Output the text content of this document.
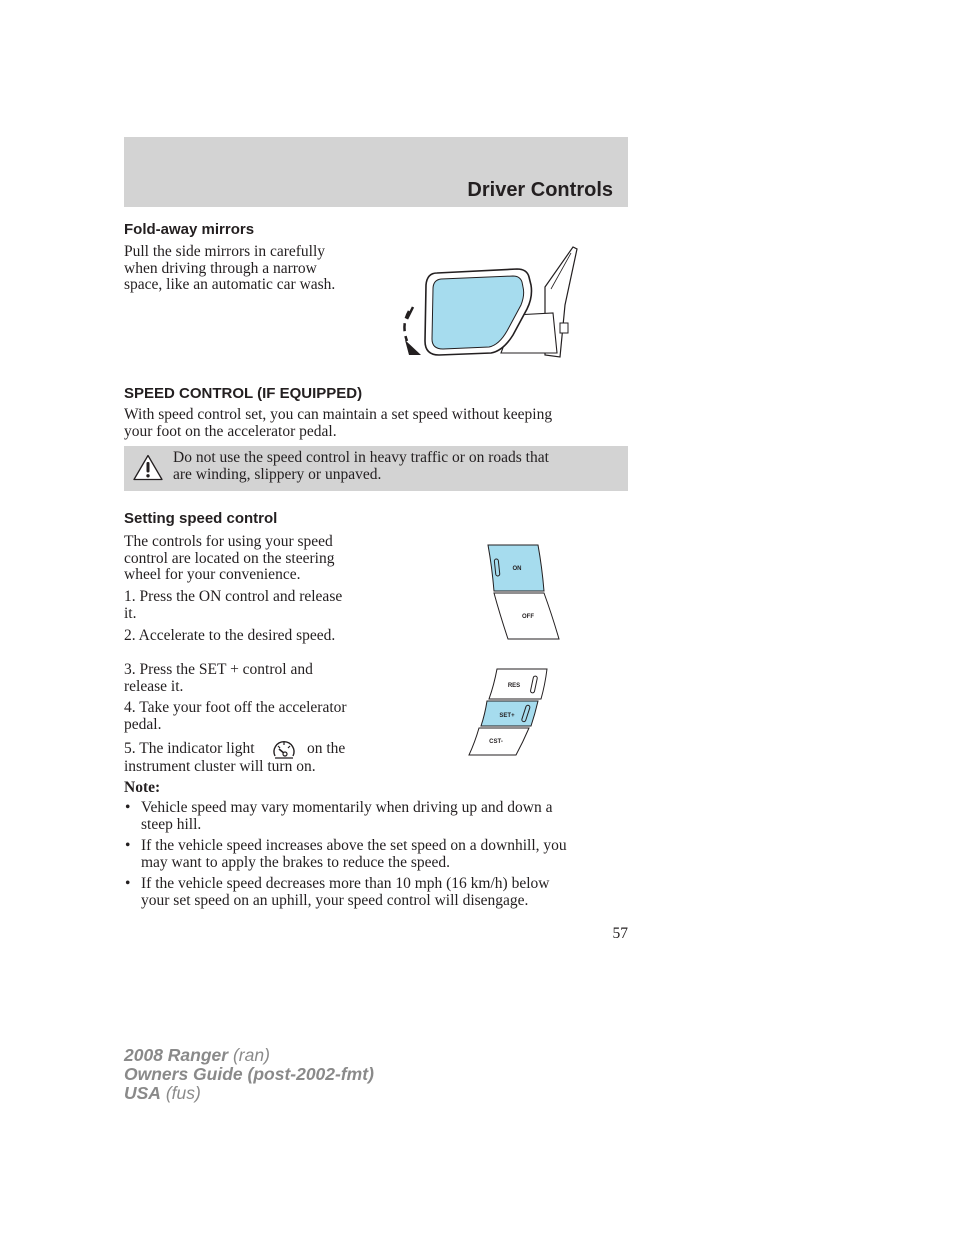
Driver Controls
Fold-away mirrors
Pull the side mirrors in carefully
when driving through a narrow
space, like an automatic car wash.
SPEED CONTROL (IF EQUIPPED)
With speed control set, you can maintain a set speed without keeping
your foot on the accelerator pedal.
Do not use the speed control in heavy traffic or on roads that
are winding, slippery or unpaved.
Setting speed control
The controls for using your speed
control are located on the steering
wheel for your convenience.
1. Press the ON control and release
it.
2. Accelerate to the desired speed.
3. Press the SET + control and
release it.
4. Take your foot off the accelerator
pedal.
5. The indicator light	on the
instrument cluster will turn on.
ON
OFF
RES
SET+
CST-
Note:
• Vehicle speed may vary momentarily when driving up and down a
steep hill.
• If the vehicle speed increases above the set speed on a downhill, you
may want to apply the brakes to reduce the speed.
• If the vehicle speed decreases more than 10 mph (16 km/h) below
your set speed on an uphill, your speed control will disengage.
57
2008 Ranger (ran)
Owners Guide (post-2002-fmt)
USA (fus)
